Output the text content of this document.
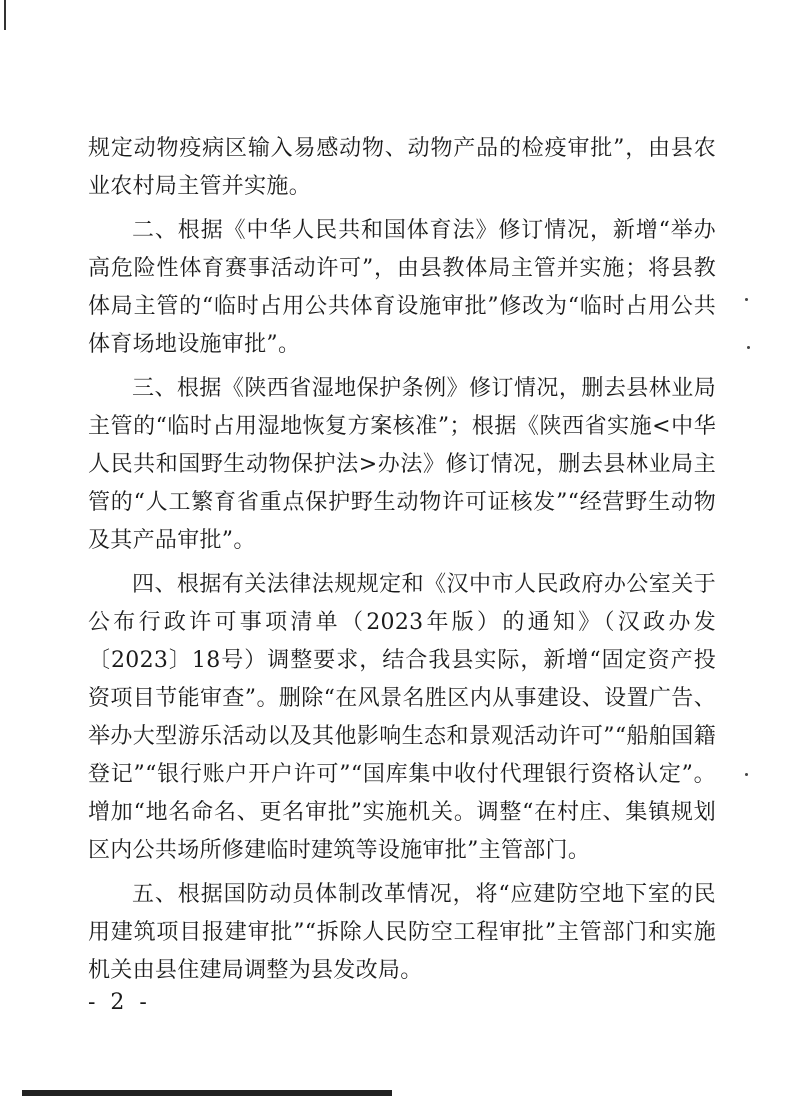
规定动物疫病区输入易感动物、动物产品的检疫审批”，由县农业农村局主管并实施。

二、根据《中华人民共和国体育法》修订情况，新增“举办高危险性体育赛事活动许可”，由县教体局主管并实施；将县教体局主管的“临时占用公共体育设施审批”修改为“临时占用公共体育场地设施审批”。

三、根据《陕西省湿地保护条例》修订情况，删去县林业局主管的“临时占用湿地恢复方案核准”；根据《陕西省实施<中华人民共和国野生动物保护法>办法》修订情况，删去县林业局主管的“人工繁育省重点保护野生动物许可证核发”“经营野生动物及其产品审批”。

四、根据有关法律法规规定和《汉中市人民政府办公室关于公布行政许可事项清单（2023年版）的通知》（汉政办发〔2023〕18号）调整要求，结合我县实际，新增“固定资产投资项目节能审查”。删除“在风景名胜区内从事建设、设置广告、举办大型游乐活动以及其他影响生态和景观活动许可”“船舶国籍登记”“银行账户开户许可”“国库集中收付代理银行资格认定”。增加“地名命名、更名审批”实施机关。调整“在村庄、集镇规划区内公共场所修建临时建筑等设施审批”主管部门。

五、根据国防动员体制改革情况，将“应建防空地下室的民用建筑项目报建审批”“拆除人民防空工程审批”主管部门和实施机关由县住建局调整为县发改局。

- 2 -
